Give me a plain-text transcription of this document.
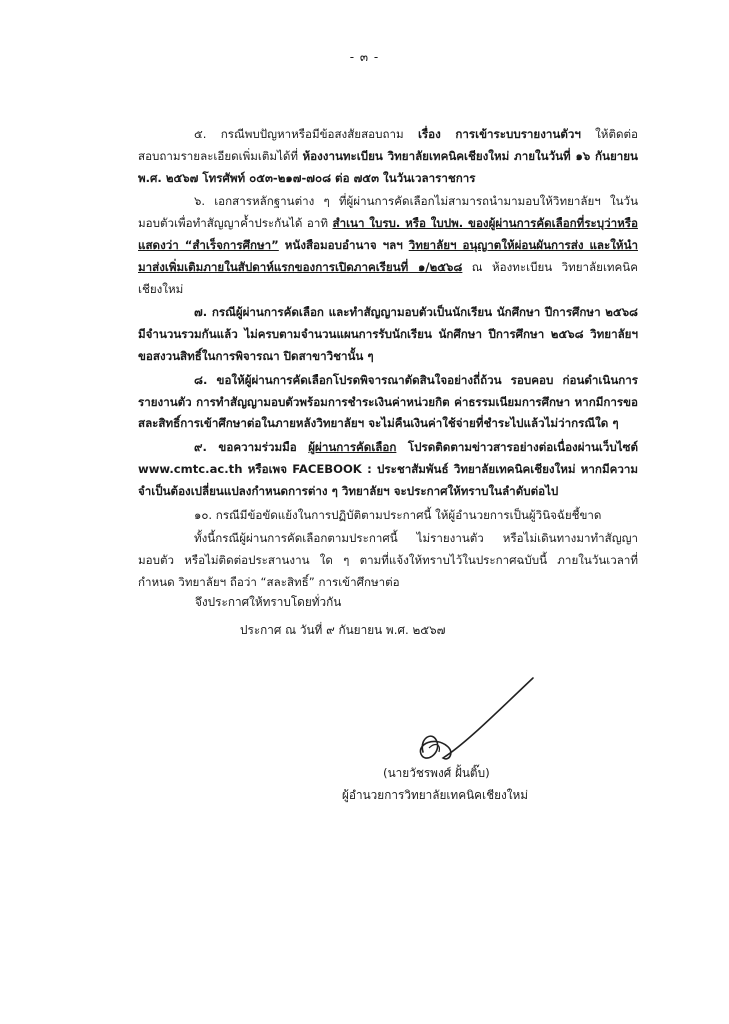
- ๓ -

๕. กรณีพบปัญหาหรือมีข้อสงสัยสอบถาม เรื่อง การเข้าระบบรายงานตัวฯ ให้ติดต่อสอบถามรายละเอียดเพิ่มเติมได้ที่ ห้องงานทะเบียน วิทยาลัยเทคนิคเชียงใหม่ ภายในวันที่ ๑๖ กันยายน พ.ศ. ๒๕๖๗ โทรศัพท์ ๐๕๓-๒๑๗-๗๐๘ ต่อ ๗๕๓ ในวันเวลาราชการ

๖. เอกสารหลักฐานต่าง ๆ ที่ผู้ผ่านการคัดเลือกไม่สามารถนำมามอบให้วิทยาลัยฯ ในวันมอบตัวเพื่อทำสัญญาค้ำประกันได้ อาทิ สำเนา ใบรบ. หรือ ใบปพ. ของผู้ผ่านการคัดเลือกที่ระบุว่าหรือแสดงว่า “สำเร็จการศึกษา” หนังสือมอบอำนาจ ฯลฯ วิทยาลัยฯ อนุญาตให้ผ่อนผันการส่ง และให้นำมาส่งเพิ่มเติมภายในสัปดาห์แรกของการเปิดภาคเรียนที่ ๑/๒๕๖๘ ณ ห้องทะเบียน วิทยาลัยเทคนิคเชียงใหม่

๗. กรณีผู้ผ่านการคัดเลือก และทำสัญญามอบตัวเป็นนักเรียน นักศึกษา ปีการศึกษา ๒๕๖๘ มีจำนวนรวมกันแล้ว ไม่ครบตามจำนวนแผนการรับนักเรียน นักศึกษา ปีการศึกษา ๒๕๖๘ วิทยาลัยฯ ขอสงวนสิทธิ์ในการพิจารณา ปิดสาขาวิชานั้น ๆ

๘. ขอให้ผู้ผ่านการคัดเลือกโปรดพิจารณาตัดสินใจอย่างถี่ถ้วน รอบคอบ ก่อนดำเนินการรายงานตัว การทำสัญญามอบตัวพร้อมการชำระเงินค่าหน่วยกิต ค่าธรรมเนียมการศึกษา หากมีการขอสละสิทธิ์การเข้าศึกษาต่อในภายหลังวิทยาลัยฯ จะไม่คืนเงินค่าใช้จ่ายที่ชำระไปแล้วไม่ว่ากรณีใด ๆ

๙. ขอความร่วมมือ ผู้ผ่านการคัดเลือก โปรดติดตามข่าวสารอย่างต่อเนื่องผ่านเว็บไซต์ www.cmtc.ac.th หรือเพจ FACEBOOK : ประชาสัมพันธ์ วิทยาลัยเทคนิคเชียงใหม่ หากมีความจำเป็นต้องเปลี่ยนแปลงกำหนดการต่าง ๆ วิทยาลัยฯ จะประกาศให้ทราบในลำดับต่อไป

๑๐. กรณีมีข้อขัดแย้งในการปฏิบัติตามประกาศนี้ ให้ผู้อำนวยการเป็นผู้วินิจฉัยชี้ขาด

ทั้งนี้กรณีผู้ผ่านการคัดเลือกตามประกาศนี้ ไม่รายงานตัว หรือไม่เดินทางมาทำสัญญามอบตัว หรือไม่ติดต่อประสานงาน ใด ๆ ตามที่แจ้งให้ทราบไว้ในประกาศฉบับนี้ ภายในวันเวลาที่กำหนด วิทยาลัยฯ ถือว่า “สละสิทธิ์” การเข้าศึกษาต่อ

จึงประกาศให้ทราบโดยทั่วกัน
ประกาศ ณ วันที่ ๙ กันยายน พ.ศ. ๒๕๖๗
(นายวัชรพงศ์ ฝั้นติ๊บ)
ผู้อำนวยการวิทยาลัยเทคนิคเชียงใหม่
